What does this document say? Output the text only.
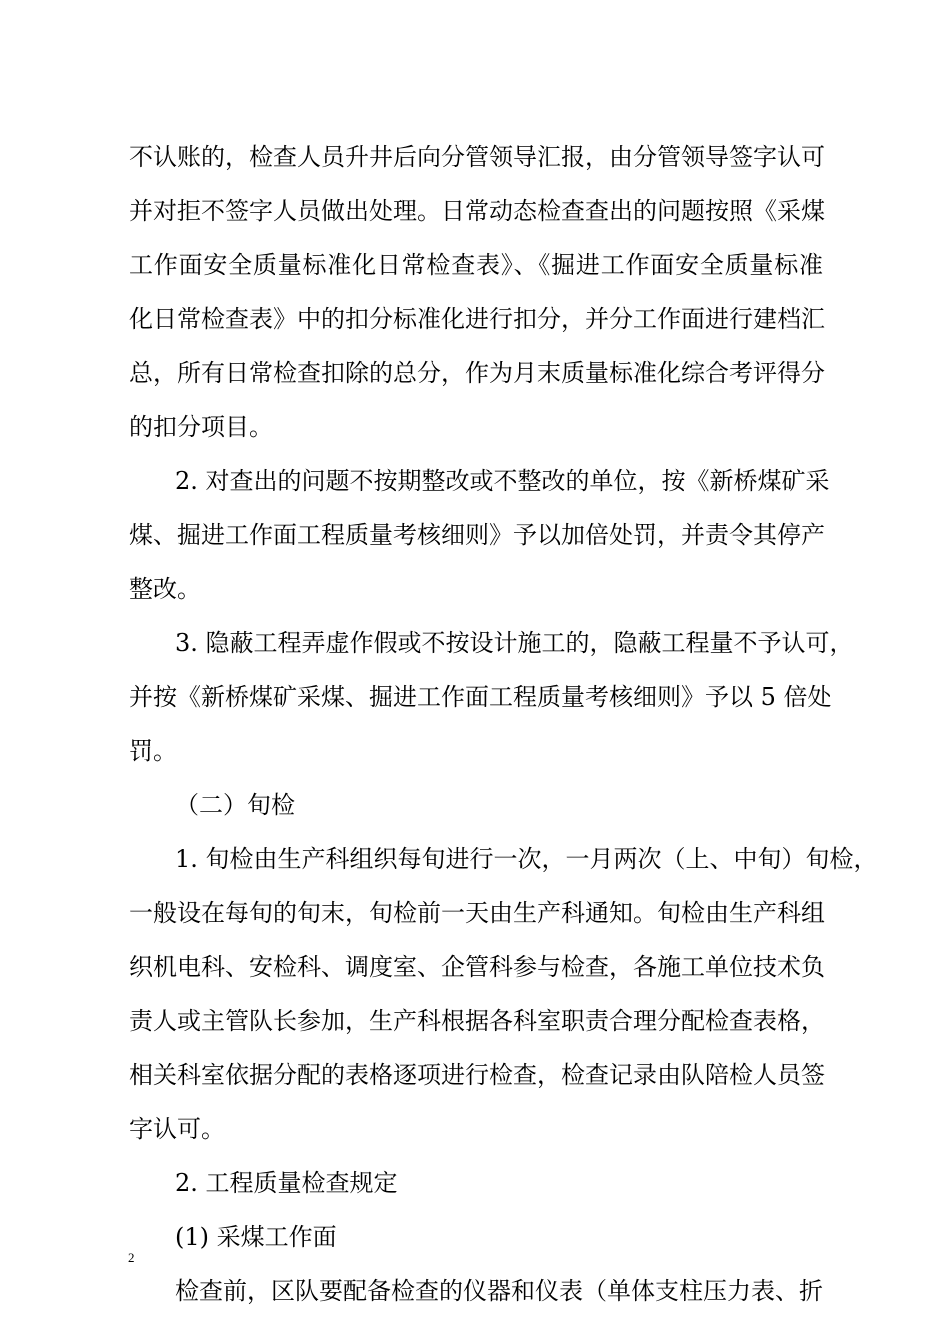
不认账的，检查人员升井后向分管领导汇报，由分管领导签字认可
并对拒不签字人员做出处理。日常动态检查查出的问题按照《采煤
工作面安全质量标准化日常检查表》、《掘进工作面安全质量标准
化日常检查表》中的扣分标准化进行扣分，并分工作面进行建档汇
总，所有日常检查扣除的总分，作为月末质量标准化综合考评得分
的扣分项目。
2. 对查出的问题不按期整改或不整改的单位，按《新桥煤矿采
煤、掘进工作面工程质量考核细则》予以加倍处罚，并责令其停产
整改。
3. 隐蔽工程弄虚作假或不按设计施工的，隐蔽工程量不予认可，
并按《新桥煤矿采煤、掘进工作面工程质量考核细则》予以 5 倍处
罚。
（二）旬检
1. 旬检由生产科组织每旬进行一次，一月两次（上、中旬）旬检，
一般设在每旬的旬末，旬检前一天由生产科通知。旬检由生产科组
织机电科、安检科、调度室、企管科参与检查，各施工单位技术负
责人或主管队长参加，生产科根据各科室职责合理分配检查表格，
相关科室依据分配的表格逐项进行检查，检查记录由队陪检人员签
字认可。
2. 工程质量检查规定
(1) 采煤工作面
检查前，区队要配备检查的仪器和仪表（单体支柱压力表、折
2
